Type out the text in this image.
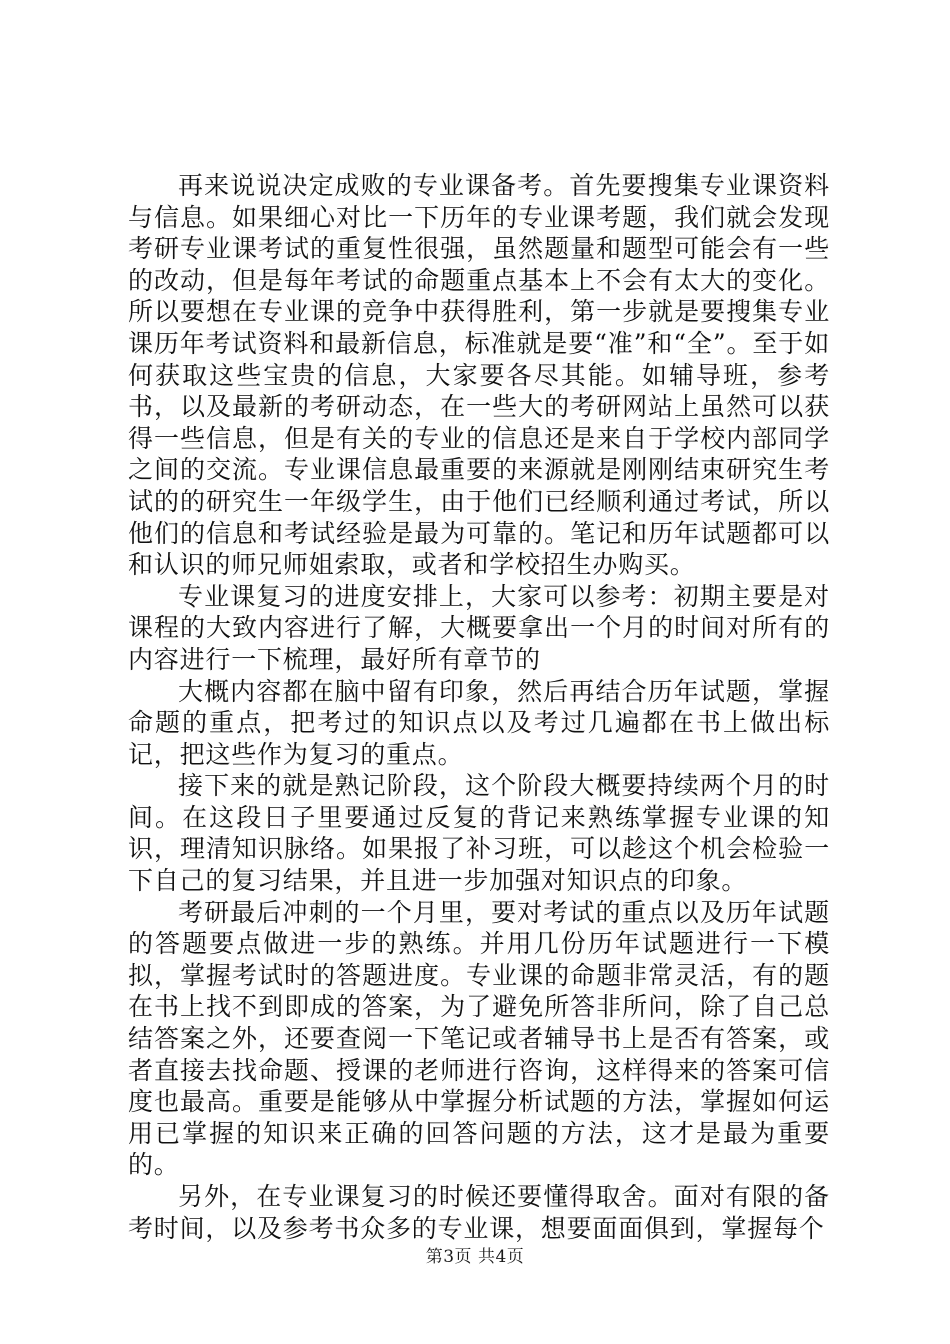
再来说说决定成败的专业课备考。首先要搜集专业课资料与信息。如果细心对比一下历年的专业课考题，我们就会发现考研专业课考试的重复性很强，虽然题量和题型可能会有一些的改动，但是每年考试的命题重点基本上不会有太大的变化。所以要想在专业课的竞争中获得胜利，第一步就是要搜集专业课历年考试资料和最新信息，标准就是要“准”和“全”。至于如何获取这些宝贵的信息，大家要各尽其能。如辅导班，参考书，以及最新的考研动态，在一些大的考研网站上虽然可以获得一些信息，但是有关的专业的信息还是来自于学校内部同学之间的交流。专业课信息最重要的来源就是刚刚结束研究生考试的的研究生一年级学生，由于他们已经顺利通过考试，所以他们的信息和考试经验是最为可靠的。笔记和历年试题都可以和认识的师兄师姐索取，或者和学校招生办购买。

专业课复习的进度安排上，大家可以参考：初期主要是对课程的大致内容进行了解，大概要拿出一个月的时间对所有的内容进行一下梳理，最好所有章节的

大概内容都在脑中留有印象，然后再结合历年试题，掌握命题的重点，把考过的知识点以及考过几遍都在书上做出标记，把这些作为复习的重点。

接下来的就是熟记阶段，这个阶段大概要持续两个月的时间。在这段日子里要通过反复的背记来熟练掌握专业课的知识，理清知识脉络。如果报了补习班，可以趁这个机会检验一下自己的复习结果，并且进一步加强对知识点的印象。

考研最后冲刺的一个月里，要对考试的重点以及历年试题的答题要点做进一步的熟练。并用几份历年试题进行一下模拟，掌握考试时的答题进度。专业课的命题非常灵活，有的题在书上找不到即成的答案，为了避免所答非所问，除了自己总结答案之外，还要查阅一下笔记或者辅导书上是否有答案，或者直接去找命题、授课的老师进行咨询，这样得来的答案可信度也最高。重要是能够从中掌握分析试题的方法，掌握如何运用已掌握的知识来正确的回答问题的方法，这才是最为重要的。

另外，在专业课复习的时候还要懂得取舍。面对有限的备考时间，以及参考书众多的专业课，想要面面俱到，掌握每个

第3页 共4页
